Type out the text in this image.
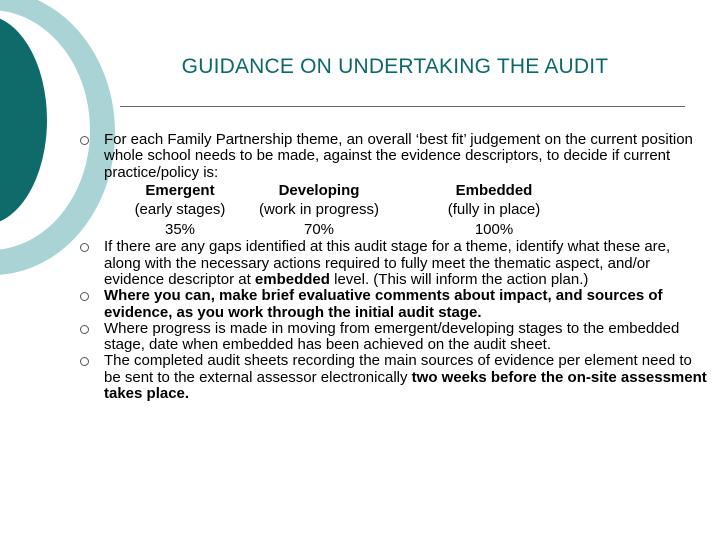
GUIDANCE ON UNDERTAKING THE AUDIT
For each Family Partnership theme, an overall ‘best fit’ judgement on the current position whole school needs to be made, against the evidence descriptors, to decide if current practice/policy is:
Emergent	Developing	Embedded
(early stages)	(work in progress)	(fully in place)
35%	70%	100%
If there are any gaps identified at this audit stage for a theme, identify what these are, along with the necessary actions required to fully meet the thematic aspect, and/or evidence descriptor at embedded level. (This will inform the action plan.)
Where you can, make brief evaluative comments about impact, and sources of evidence, as you work through the initial audit stage.
Where progress is made in moving from emergent/developing stages to the embedded stage, date when embedded has been achieved on the audit sheet.
The completed audit sheets recording the main sources of evidence per element need to be sent to the external assessor electronically two weeks before the on-site assessment takes place.
